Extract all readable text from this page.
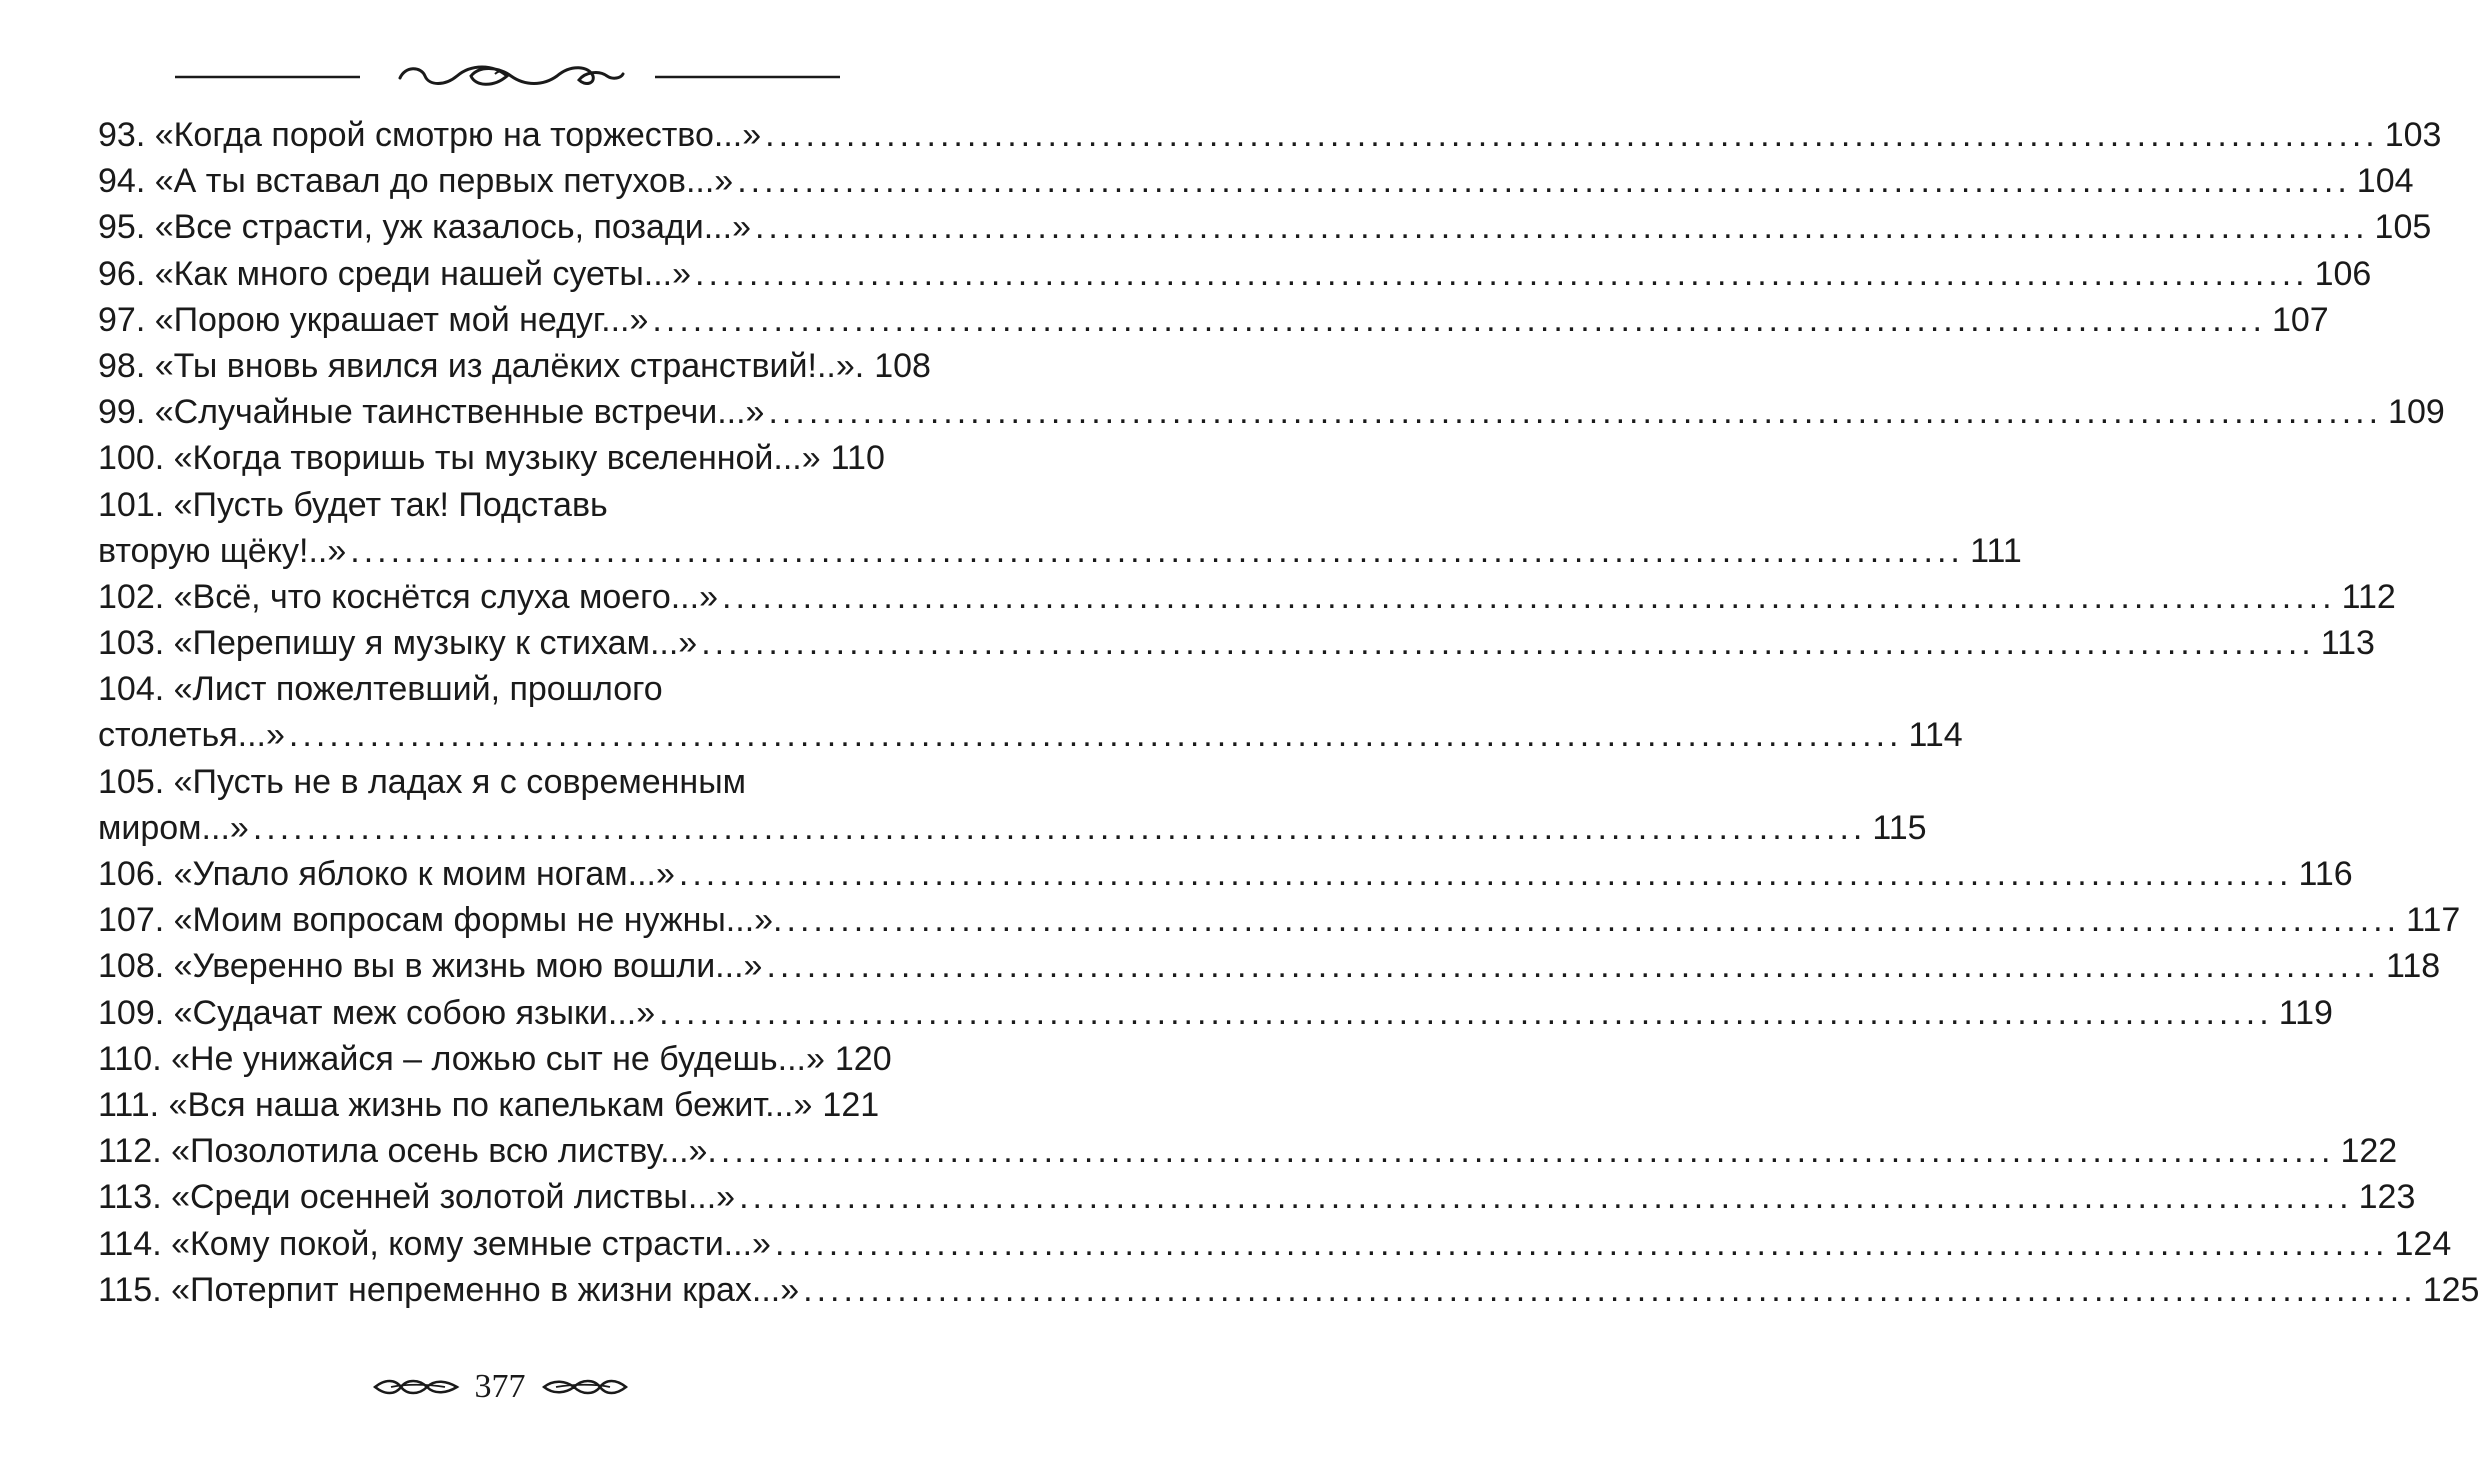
93. «Когда порой смотрю на торжество...» ........................................................................................................................ 103
94. «А ты вставал до первых петухов...» ........................................................................................................................ 104
95. «Все страсти, уж казалось, позади...» ........................................................................................................................ 105
96. «Как много среди нашей суеты...» ........................................................................................................................ 106
97. «Порою украшает мой недуг...» ........................................................................................................................ 107
98. «Ты вновь явился из далёких странствий!..». 108
99. «Случайные таинственные встречи...» ........................................................................................................................ 109
100. «Когда творишь ты музыку вселенной...» 110
101. «Пусть будет так! Подставь
вторую щёку!..» ........................................................................................................................ 111
102. «Всё, что коснётся слуха моего...» ........................................................................................................................ 112
103. «Перепишу я музыку к стихам...» ........................................................................................................................ 113
104. «Лист пожелтевший, прошлого
столетья...» ........................................................................................................................ 114
105. «Пусть не в ладах я с современным
миром...» ........................................................................................................................ 115
106. «Упало яблоко к моим ногам...» ........................................................................................................................ 116
107. «Моим вопросам формы не нужны...». ........................................................................................................................ 117
108. «Уверенно вы в жизнь мою вошли...» ........................................................................................................................ 118
109. «Судачат меж собою языки...» ........................................................................................................................ 119
110. «Не унижайся – ложью сыт не будешь...» 120
111. «Вся наша жизнь по капелькам бежит...» 121
112. «Позолотила осень всю листву...». ........................................................................................................................ 122
113. «Среди осенней золотой листвы...» ........................................................................................................................ 123
114. «Кому покой, кому земные страсти...» ........................................................................................................................ 124
115. «Потерпит непременно в жизни крах...» ........................................................................................................................ 125
377
